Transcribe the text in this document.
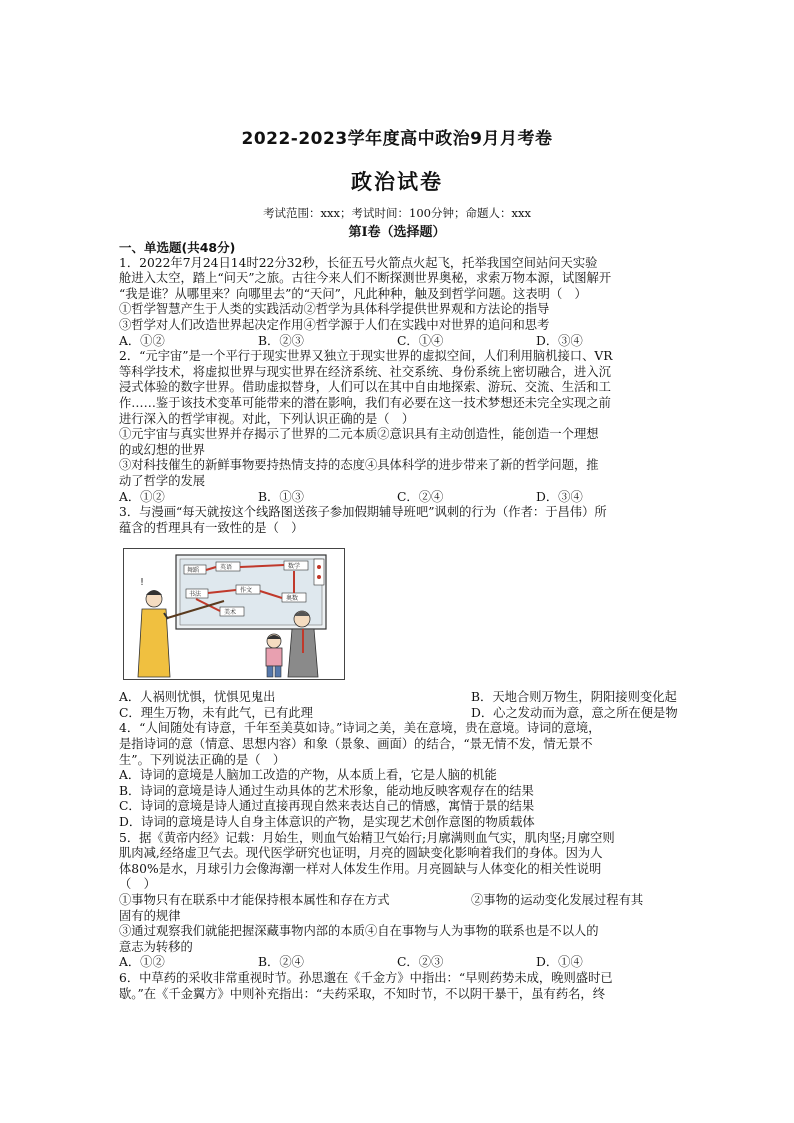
2022-2023学年度高中政治9月月考卷
政治试卷
考试范围：xxx；考试时间：100分钟；命题人：xxx
第I卷（选择题）
一、单选题(共48分)
1．2022年7月24日14时22分32秒，长征五号火箭点火起飞，托举我国空间站问天实验
舱进入太空，踏上“问天”之旅。古往今来人们不断探测世界奥秘，求索万物本源，试图解开
“我是谁？从哪里来？向哪里去”的“天问”，凡此种种，触及到哲学问题。这表明（　）
①哲学智慧产生于人类的实践活动②哲学为具体科学提供世界观和方法论的指导
③哲学对人们改造世界起决定作用④哲学源于人们在实践中对世界的追问和思考
A．①②	B．②③	C．①④	D．③④
2．“元宇宙”是一个平行于现实世界又独立于现实世界的虚拟空间，人们利用脑机接口、VR
等科学技术，将虚拟世界与现实世界在经济系统、社交系统、身份系统上密切融合，进入沉
浸式体验的数字世界。借助虚拟替身，人们可以在其中自由地探索、游玩、交流、生活和工
作……鉴于该技术变革可能带来的潜在影响，我们有必要在这一技术梦想还未完全实现之前
进行深入的哲学审视。对此，下列认识正确的是（　）
①元宇宙与真实世界并存揭示了世界的二元本质②意识具有主动创造性，能创造一个理想
的或幻想的世界
③对科技催生的新鲜事物要持热情支持的态度④具体科学的进步带来了新的哲学问题，推
动了哲学的发展
A．①②	B．①③	C．②④	D．③④
3．与漫画“每天就按这个线路图送孩子参加假期辅导班吧”讽刺的行为（作者：于昌伟）所
蕴含的哲理具有一致性的是（　）
舞蹈	英语	数学
书法
作文
奥数
美术
!
A．人祸则忧惧，忧惧见鬼出	B．天地合则万物生，阴阳接则变化起
C．理生万物，未有此气，已有此理	D．心之发动而为意，意之所在便是物
4．“人间随处有诗意，千年至美莫如诗。”诗词之美，美在意境，贵在意境。诗词的意境，
是指诗词的意（情意、思想内容）和象（景象、画面）的结合，“景无情不发，情无景不
生”。下列说法正确的是（　）
A．诗词的意境是人脑加工改造的产物，从本质上看，它是人脑的机能
B．诗词的意境是诗人通过生动具体的艺术形象，能动地反映客观存在的结果
C．诗词的意境是诗人通过直接再现自然来表达自己的情感，寓情于景的结果
D．诗词的意境是诗人自身主体意识的产物，是实现艺术创作意图的物质载体
5．据《黄帝内经》记载：月始生，则血气始精卫气始行;月廓满则血气实，肌肉坚;月廓空则
肌肉减,经络虚卫气去。现代医学研究也证明，月亮的圆缺变化影响着我们的身体。因为人
体80%是水，月球引力会像海潮一样对人体发生作用。月亮圆缺与人体变化的相关性说明
（　）
①事物只有在联系中才能保持根本属性和存在方式	②事物的运动变化发展过程有其
固有的规律
③通过观察我们就能把握深藏事物内部的本质④自在事物与人为事物的联系也是不以人的
意志为转移的
A．①②	B．②④	C．②③	D．①④
6．中草药的采收非常重视时节。孙思邈在《千金方》中指出：“早则药势未成，晚则盛时已
歇。”在《千金翼方》中则补充指出：“夫药采取，不知时节，不以阴干暴干，虽有药名，终
